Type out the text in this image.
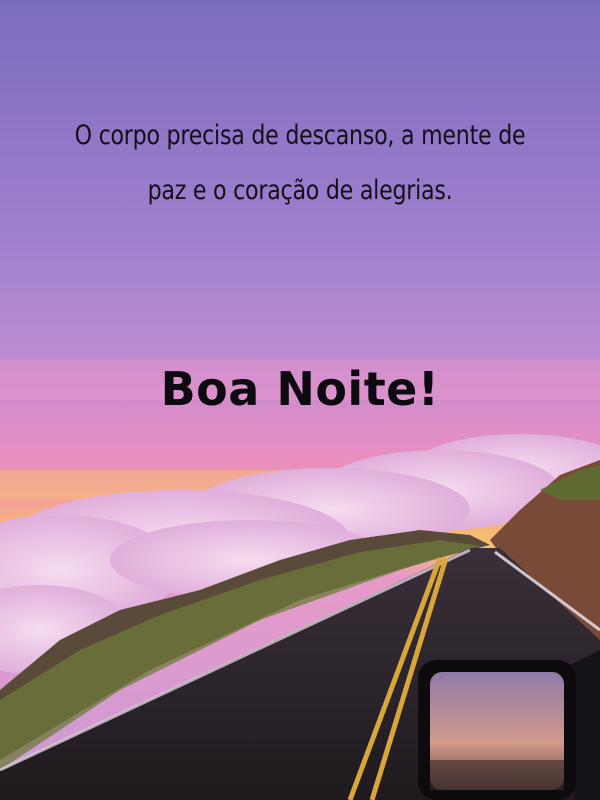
O corpo precisa de descanso, a mente de
paz e o coração de alegrias.

Boa Noite!
